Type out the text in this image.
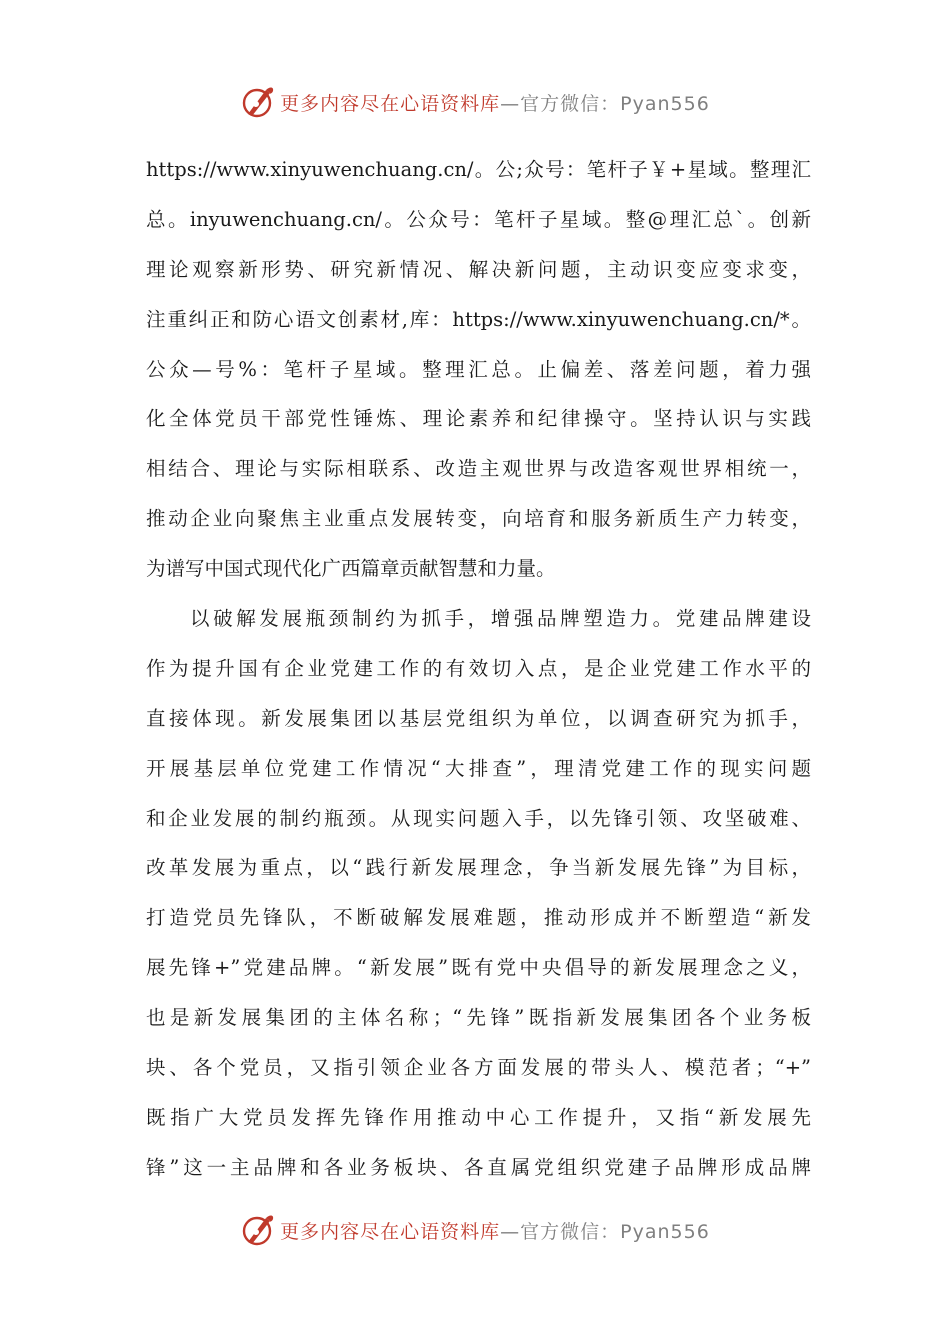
更多内容尽在心语资料库—官方微信：Pyan556
https://www.xinyuwenchuang.cn/。公;众号：笔杆子￥+星域。整理汇
总。inyuwenchuang.cn/。公众号：笔杆子星域。整@理汇总`。创新
理论观察新形势、研究新情况、解决新问题，主动识变应变求变，
注重纠正和防心语文创素材,库：https://www.xinyuwenchuang.cn/*。
公众—号%：笔杆子星域。整理汇总。止偏差、落差问题，着力强
化全体党员干部党性锤炼、理论素养和纪律操守。坚持认识与实践
相结合、理论与实际相联系、改造主观世界与改造客观世界相统一，
推动企业向聚焦主业重点发展转变，向培育和服务新质生产力转变，
为谱写中国式现代化广西篇章贡献智慧和力量。
以破解发展瓶颈制约为抓手，增强品牌塑造力。党建品牌建设
作为提升国有企业党建工作的有效切入点，是企业党建工作水平的
直接体现。新发展集团以基层党组织为单位，以调查研究为抓手，
开展基层单位党建工作情况“大排查”，理清党建工作的现实问题
和企业发展的制约瓶颈。从现实问题入手，以先锋引领、攻坚破难、
改革发展为重点，以“践行新发展理念，争当新发展先锋”为目标，
打造党员先锋队，不断破解发展难题，推动形成并不断塑造“新发
展先锋+”党建品牌。“新发展”既有党中央倡导的新发展理念之义，
也是新发展集团的主体名称；“先锋”既指新发展集团各个业务板
块、各个党员，又指引领企业各方面发展的带头人、模范者；“+”
既指广大党员发挥先锋作用推动中心工作提升，又指“新发展先
锋”这一主品牌和各业务板块、各直属党组织党建子品牌形成品牌
更多内容尽在心语资料库—官方微信：Pyan556
